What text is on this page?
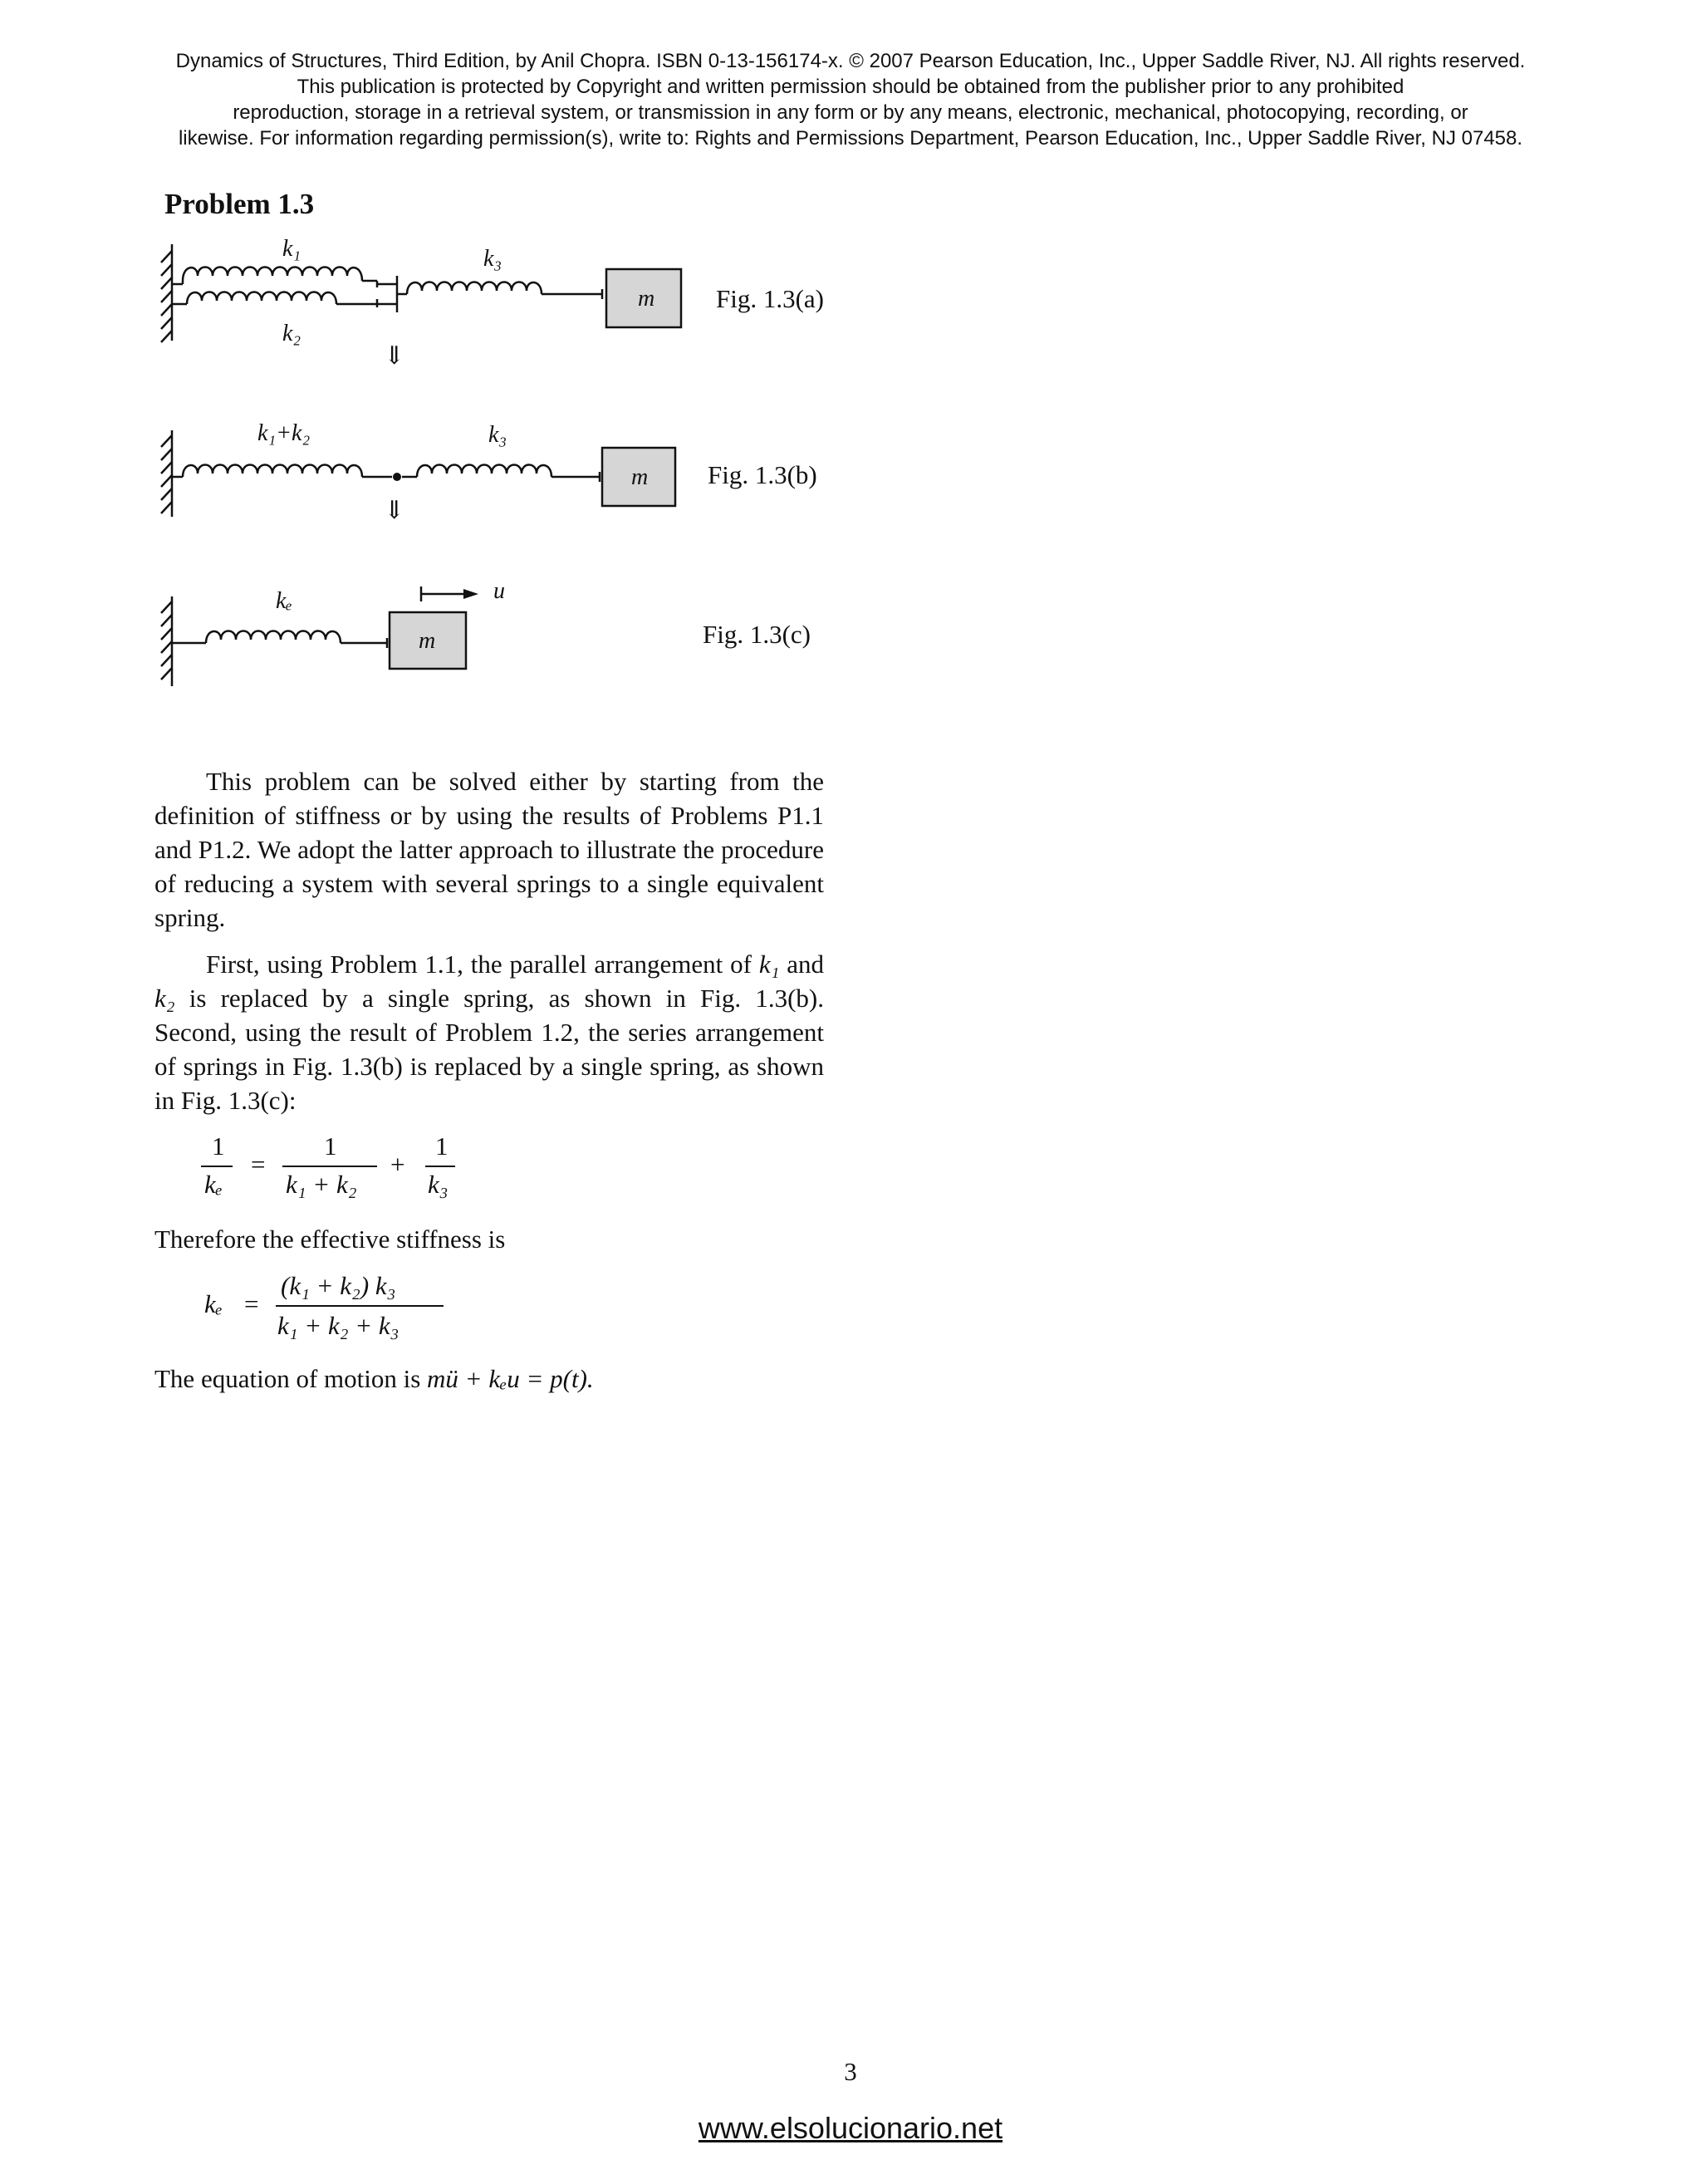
Dynamics of Structures, Third Edition, by Anil Chopra. ISBN 0-13-156174-x. © 2007 Pearson Education, Inc., Upper Saddle River, NJ. All rights reserved.
This publication is protected by Copyright and written permission should be obtained from the publisher prior to any prohibited
reproduction, storage in a retrieval system, or transmission in any form or by any means, electronic, mechanical, photocopying, recording, or
likewise. For information regarding permission(s), write to: Rights and Permissions Department, Pearson Education, Inc., Upper Saddle River, NJ 07458.
Problem 1.3
m
k₁
k₂
k₃
⇓
Fig. 1.3(a)
m
k₁+k₂	k₃
⇓
Fig. 1.3(b)
m
kₑ	u
Fig. 1.3(c)
This problem can be solved either by starting from the definition of stiffness or by using the results of Problems P1.1 and P1.2. We adopt the latter approach to illustrate the procedure of reducing a system with several springs to a single equivalent spring.
First, using Problem 1.1, the parallel arrangement of k₁ and k₂ is replaced by a single spring, as shown in Fig. 1.3(b). Second, using the result of Problem 1.2, the series arrangement of springs in Fig. 1.3(b) is replaced by a single spring, as shown in Fig. 1.3(c):
1
kₑ
=
1
k₁ + k₂
+
1
k₃
Therefore the effective stiffness is
kₑ =
(k₁ + k₂) k₃
k₁ + k₂ + k₃
The equation of motion is mü + kₑu = p(t).
3
www.elsolucionario.net
